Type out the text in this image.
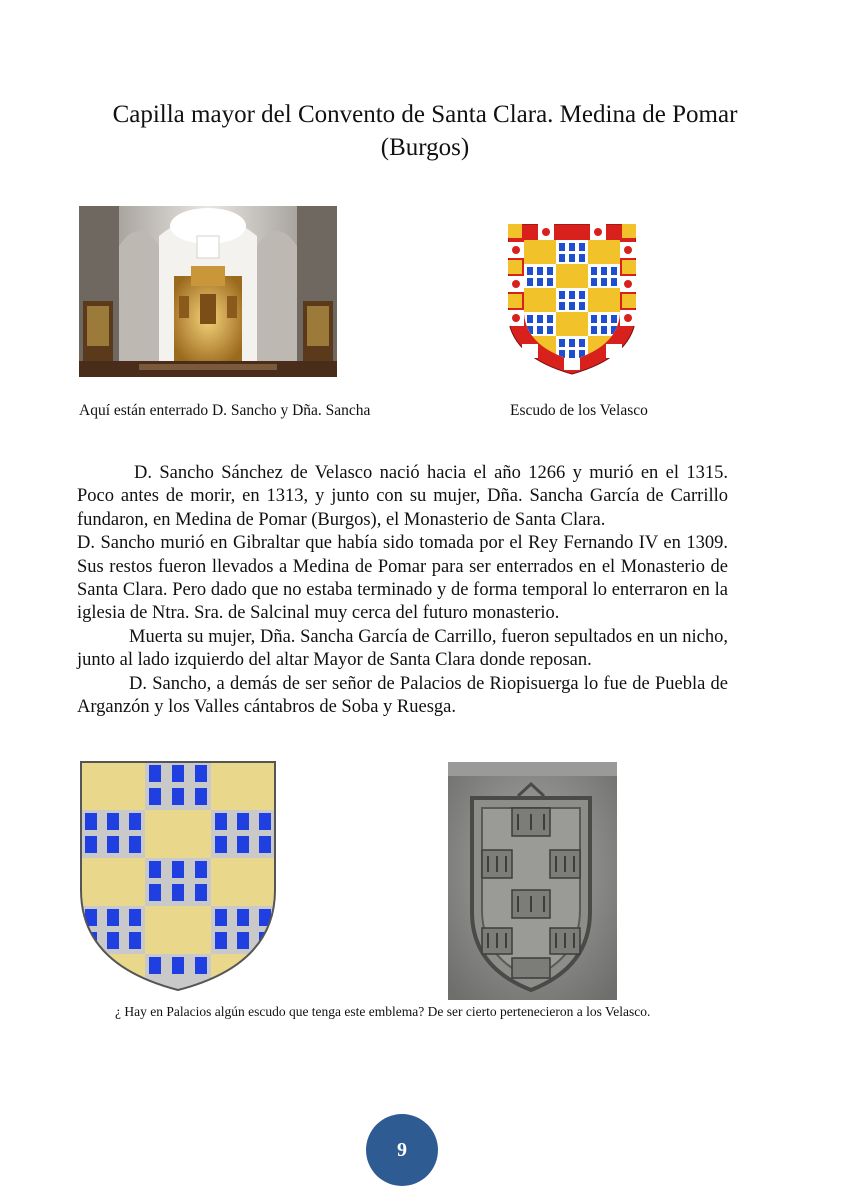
Capilla mayor del Convento de Santa Clara. Medina de Pomar (Burgos)
Aquí están enterrado D. Sancho y Dña. Sancha	Escudo de los Velasco

D. Sancho Sánchez de Velasco nació hacia el año 1266 y murió en el 1315. Poco antes de morir, en 1313, y junto con su mujer, Dña. Sancha García de Carrillo fundaron, en Medina de Pomar (Burgos), el Monasterio de Santa Clara.

D. Sancho murió en Gibraltar que había sido tomada por el Rey Fernando IV en 1309. Sus restos fueron llevados a Medina de Pomar para ser enterrados en el Monasterio de Santa Clara. Pero dado que no estaba terminado y de forma temporal lo enterraron en la iglesia de Ntra. Sra. de Salcinal muy cerca del futuro monasterio.

Muerta su mujer, Dña. Sancha García de Carrillo, fueron sepultados en un nicho, junto al lado izquierdo del altar Mayor de Santa Clara donde reposan.

D. Sancho, a demás de ser señor de Palacios de Riopisuerga lo fue de Puebla de Arganzón y los Valles cántabros de Soba y Ruesga.

¿ Hay en Palacios algún escudo que tenga este emblema? De ser cierto pertenecieron a los Velasco.
9
